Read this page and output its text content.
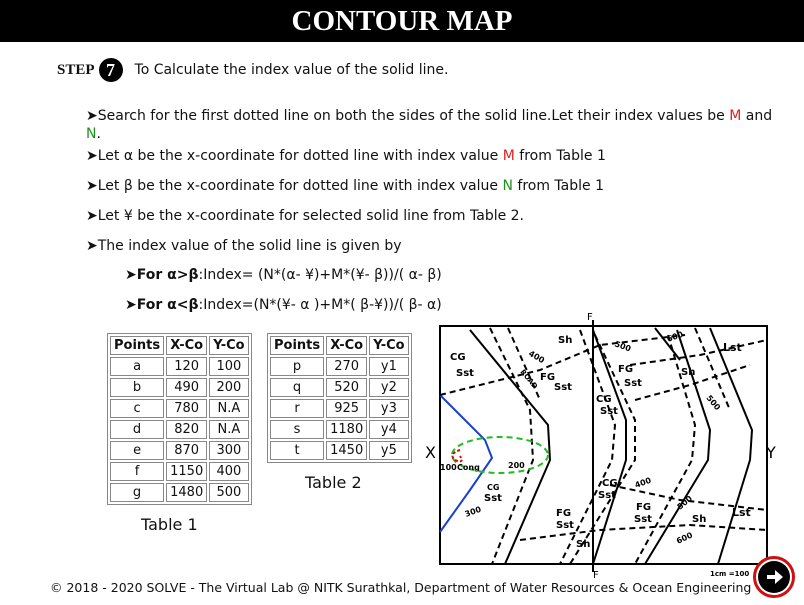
CONTOUR MAP
STEP 7	To Calculate the index value of the solid line.
➤Search for the first dotted line on both the sides of the solid line.Let their index values be M and
N.
➤Let α be the x-coordinate for dotted line with index value M from Table 1
➤Let β be the x-coordinate for dotted line with index value N from Table 1
➤Let ¥ be the x-coordinate for selected solid line from Table 2.
➤The index value of the solid line is given by
➤For α>β:Index= (N*(α- ¥)+M*(¥- β))/( α- β)
➤For α<β:Index=(N*(¥- α )+M*( β-¥))/( β- α)
Points	X-Co	Y-Co
a	120	100
b	490	200
c	780	N.A
d	820	N.A
e	870	300
f	1150	400
g	1480	500
Table 1
Points	X-Co	Y-Co
p	270	y1
q	520	y2
r	925	y3
s	1180	y4
t	1450	y5
Table 2
F
F
X	Y
1cm =100
CG
Sst
Sh
FG
Sst
CG
Sst
FG
Sst
Sh
Lst
Cong
CG
Sst
FG
Sst
Sh
CG
Sst
FG
Sst	Sh
Lst
ROAD
100	200
300
400
400
500
500
500
600
600
© 2018 - 2020 SOLVE - The Virtual Lab @ NITK Surathkal, Department of Water Resources & Ocean Engineering
